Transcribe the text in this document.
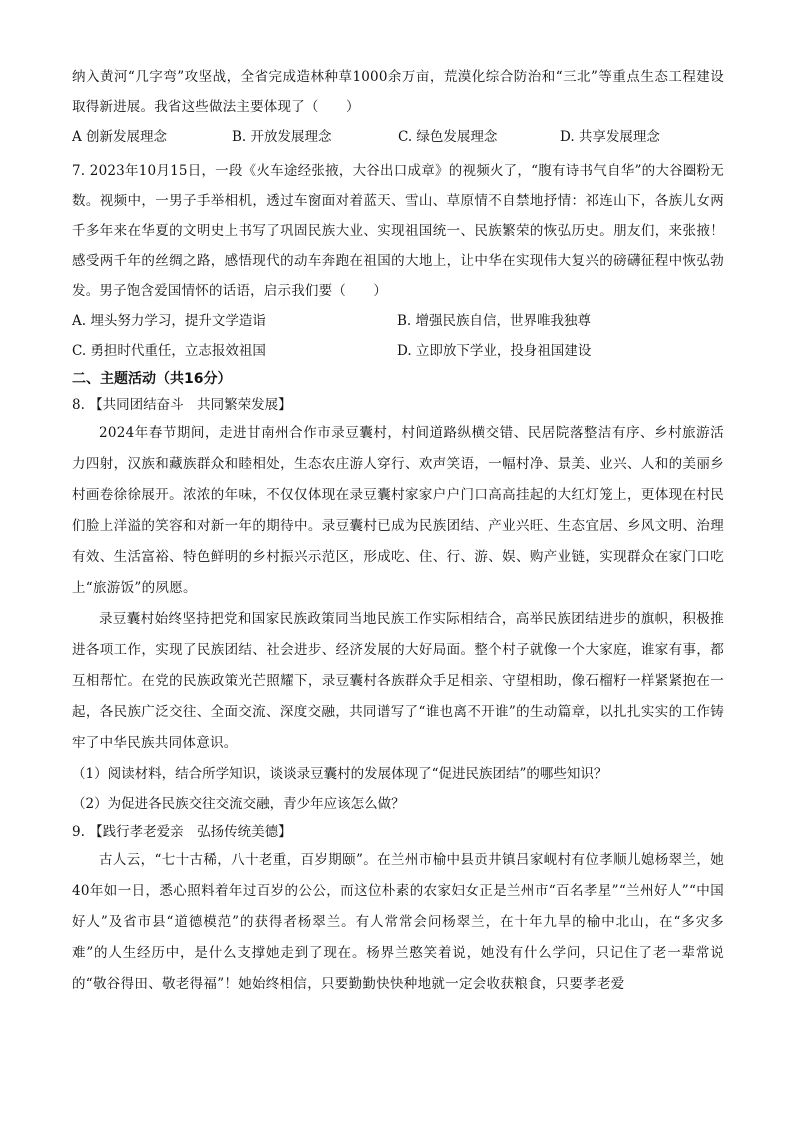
纳入黄河“几字弯”攻坚战，全省完成造林种草1000余万亩，荒漠化综合防治和“三北”等重点生态工程建设取得新进展。我省这些做法主要体现了（　　）

A 创新发展理念	B. 开放发展理念	C. 绿色发展理念	D. 共享发展理念

7. 2023年10月15日，一段《火车途经张掖，大谷出口成章》的视频火了，“腹有诗书气自华”的大谷圈粉无数。视频中，一男子手举相机，透过车窗面对着蓝天、雪山、草原情不自禁地抒情：祁连山下，各族儿女两千多年来在华夏的文明史上书写了巩固民族大业、实现祖国统一、民族繁荣的恢弘历史。朋友们，来张掖！感受两千年的丝绸之路，感悟现代的动车奔跑在祖国的大地上，让中华在实现伟大复兴的磅礴征程中恢弘勃发。男子饱含爱国情怀的话语，启示我们要（　　）

A. 埋头努力学习，提升文学造诣	B. 增强民族自信，世界唯我独尊
C. 勇担时代重任，立志报效祖国	D. 立即放下学业，投身祖国建设

二、主题活动（共16分）

8. 【共同团结奋斗　共同繁荣发展】

2024年春节期间，走进甘南州合作市录豆囊村，村间道路纵横交错、民居院落整洁有序、乡村旅游活力四射，汉族和藏族群众和睦相处，生态农庄游人穿行、欢声笑语，一幅村净、景美、业兴、人和的美丽乡村画卷徐徐展开。浓浓的年味，不仅仅体现在录豆囊村家家户户门口高高挂起的大红灯笼上，更体现在村民们脸上洋溢的笑容和对新一年的期待中。录豆囊村已成为民族团结、产业兴旺、生态宜居、乡风文明、治理有效、生活富裕、特色鲜明的乡村振兴示范区，形成吃、住、行、游、娱、购产业链，实现群众在家门口吃上“旅游饭”的夙愿。

录豆囊村始终坚持把党和国家民族政策同当地民族工作实际相结合，高举民族团结进步的旗帜，积极推进各项工作，实现了民族团结、社会进步、经济发展的大好局面。整个村子就像一个大家庭，谁家有事，都互相帮忙。在党的民族政策光芒照耀下，录豆囊村各族群众手足相亲、守望相助，像石榴籽一样紧紧抱在一起，各民族广泛交往、全面交流、深度交融，共同谱写了“谁也离不开谁”的生动篇章，以扎扎实实的工作铸牢了中华民族共同体意识。

（1）阅读材料，结合所学知识，谈谈录豆囊村的发展体现了“促进民族团结”的哪些知识？

（2）为促进各民族交往交流交融，青少年应该怎么做？

9. 【践行孝老爱亲　弘扬传统美德】

古人云，“七十古稀，八十老重，百岁期颐”。在兰州市榆中县贡井镇吕家岘村有位孝顺儿媳杨翠兰，她40年如一日，悉心照料着年过百岁的公公，而这位朴素的农家妇女正是兰州市“百名孝星”“兰州好人”“中国好人”及省市县“道德模范”的获得者杨翠兰。有人常常会问杨翠兰，在十年九旱的榆中北山，在“多灾多难”的人生经历中，是什么支撑她走到了现在。杨界兰憨笑着说，她没有什么学问，只记住了老一辈常说的“敬谷得田、敬老得福”！她始终相信，只要勤勤快快种地就一定会收获粮食，只要孝老爱
